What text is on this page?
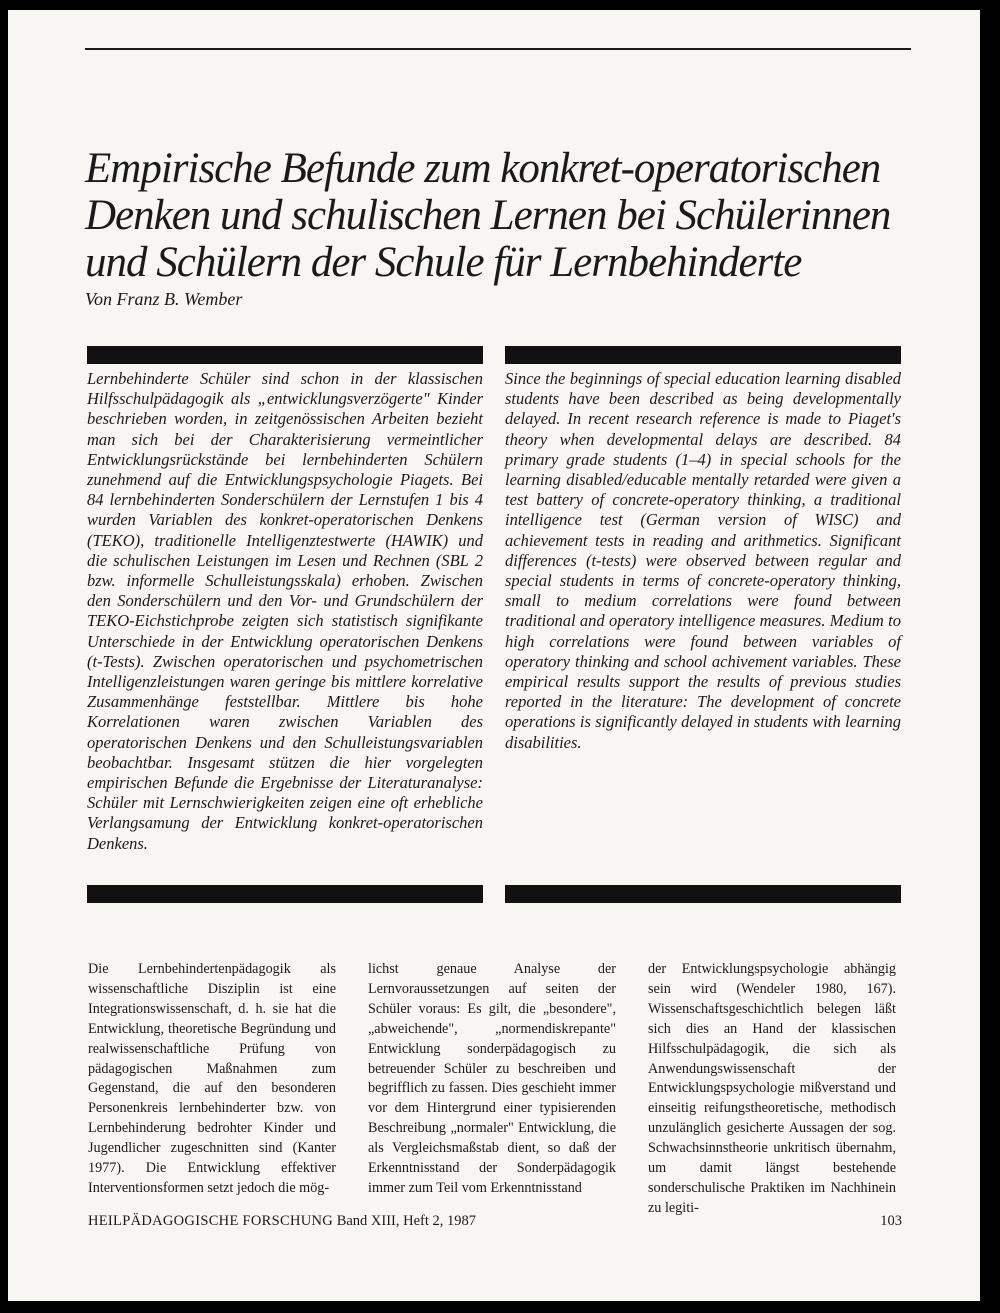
Empirische Befunde zum konkret-operatorischen
Denken und schulischen Lernen bei Schülerinnen
und Schülern der Schule für Lernbehinderte
Von Franz B. Wember
Lernbehinderte Schüler sind schon in der klassischen Hilfsschulpädagogik als „entwicklungsverzögerte" Kinder beschrieben worden, in zeitgenössischen Arbeiten bezieht man sich bei der Charakterisierung vermeintlicher Entwicklungsrückstände bei lernbehinderten Schülern zunehmend auf die Entwicklungspsychologie Piagets. Bei 84 lernbehinderten Sonderschülern der Lernstufen 1 bis 4 wurden Variablen des konkret-operatorischen Denkens (TEKO), traditionelle Intelligenztestwerte (HAWIK) und die schulischen Leistungen im Lesen und Rechnen (SBL 2 bzw. informelle Schulleistungsskala) erhoben. Zwischen den Sonderschülern und den Vor- und Grundschülern der TEKO-Eichstichprobe zeigten sich statistisch signifikante Unterschiede in der Entwicklung operatorischen Denkens (t-Tests). Zwischen operatorischen und psychometrischen Intelligenzleistungen waren geringe bis mittlere korrelative Zusammenhänge feststellbar. Mittlere bis hohe Korrelationen waren zwischen Variablen des operatorischen Denkens und den Schulleistungsvariablen beobachtbar. Insgesamt stützen die hier vorgelegten empirischen Befunde die Ergebnisse der Literaturanalyse: Schüler mit Lernschwierigkeiten zeigen eine oft erhebliche Verlangsamung der Entwicklung konkret-operatorischen Denkens.
Since the beginnings of special education learning disabled students have been described as being developmentally delayed. In recent research reference is made to Piaget's theory when developmental delays are described. 84 primary grade students (1–4) in special schools for the learning disabled/educable mentally retarded were given a test battery of concrete-operatory thinking, a traditional intelligence test (German version of WISC) and achievement tests in reading and arithmetics. Significant differences (t-tests) were observed between regular and special students in terms of concrete-operatory thinking, small to medium correlations were found between traditional and operatory intelligence measures. Medium to high correlations were found between variables of operatory thinking and school achivement variables. These empirical results support the results of previous studies reported in the literature: The development of concrete operations is significantly delayed in students with learning disabilities.
Die Lernbehindertenpädagogik als wissenschaftliche Disziplin ist eine Integrationswissenschaft, d. h. sie hat die Entwicklung, theoretische Begründung und realwissenschaftliche Prüfung von pädagogischen Maßnahmen zum Gegenstand, die auf den besonderen Personenkreis lernbehinderter bzw. von Lernbehinderung bedrohter Kinder und Jugendlicher zugeschnitten sind (Kanter 1977). Die Entwicklung effektiver Interventionsformen setzt jedoch die mög-
lichst genaue Analyse der Lernvoraussetzungen auf seiten der Schüler voraus: Es gilt, die „besondere", „abweichende", „normendiskrepante" Entwicklung sonderpädagogisch zu betreuender Schüler zu beschreiben und begrifflich zu fassen. Dies geschieht immer vor dem Hintergrund einer typisierenden Beschreibung „normaler" Entwicklung, die als Vergleichsmaßstab dient, so daß der Erkenntnisstand der Sonderpädagogik immer zum Teil vom Erkenntnisstand
der Entwicklungspsychologie abhängig sein wird (Wendeler 1980, 167). Wissenschaftsgeschichtlich belegen läßt sich dies an Hand der klassischen Hilfsschulpädagogik, die sich als Anwendungswissenschaft der Entwicklungspsychologie mißverstand und einseitig reifungstheoretische, methodisch unzulänglich gesicherte Aussagen der sog. Schwachsinnstheorie unkritisch übernahm, um damit längst bestehende sonderschulische Praktiken im Nachhinein zu legiti-
HEILPÄDAGOGISCHE FORSCHUNG Band XIII, Heft 2, 1987	103
